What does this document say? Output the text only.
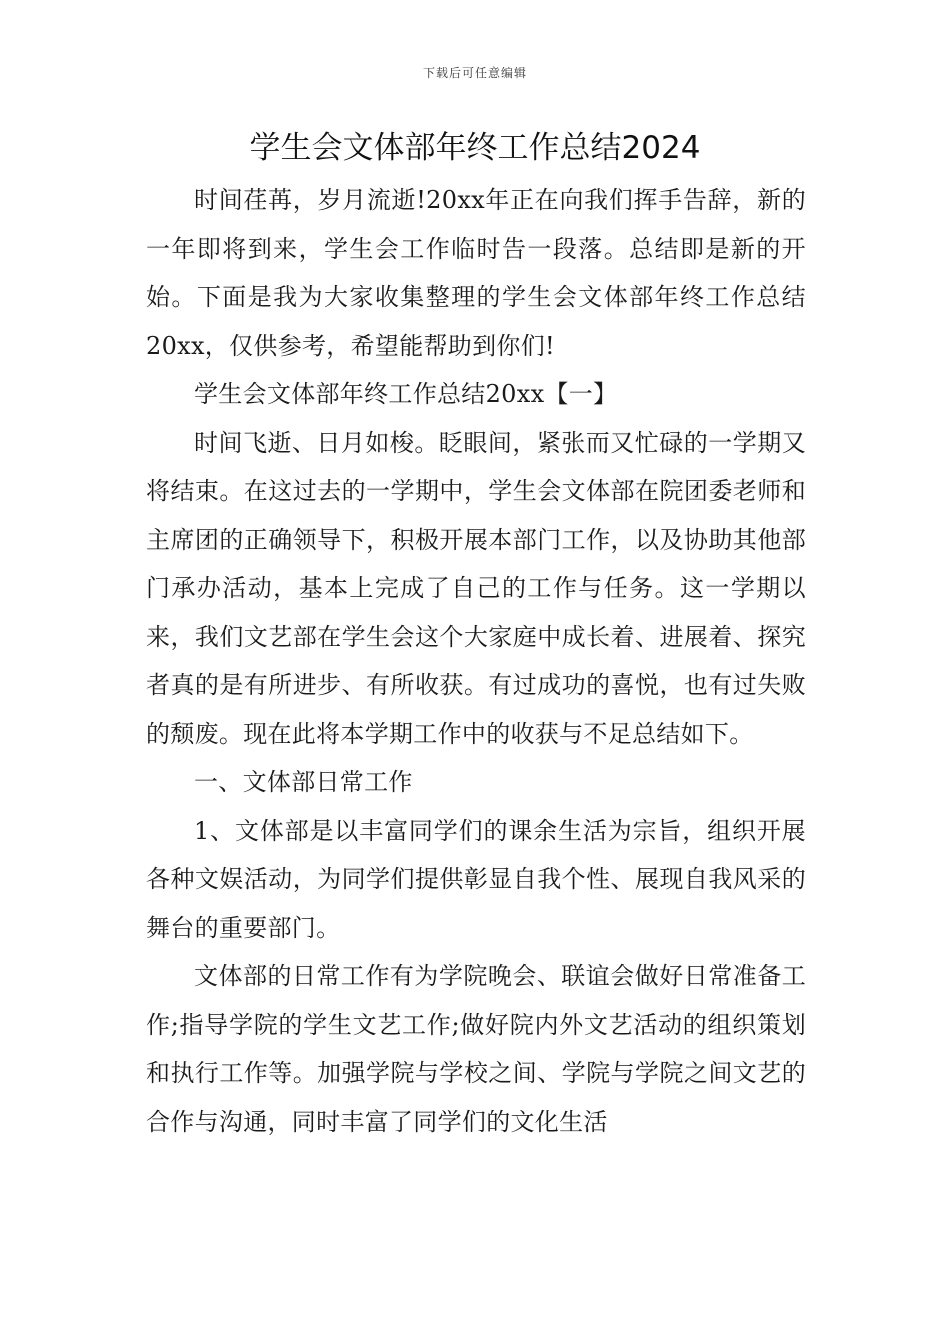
下载后可任意编辑
学生会文体部年终工作总结2024

时间荏苒，岁月流逝!20xx年正在向我们挥手告辞，新的一年即将到来，学生会工作临时告一段落。总结即是新的开始。下面是我为大家收集整理的学生会文体部年终工作总结20xx，仅供参考，希望能帮助到你们!

学生会文体部年终工作总结20xx【一】

时间飞逝、日月如梭。眨眼间，紧张而又忙碌的一学期又将结束。在这过去的一学期中，学生会文体部在院团委老师和主席团的正确领导下，积极开展本部门工作，以及协助其他部门承办活动，基本上完成了自己的工作与任务。这一学期以来，我们文艺部在学生会这个大家庭中成长着、进展着、探究者真的是有所进步、有所收获。有过成功的喜悦，也有过失败的颓废。现在此将本学期工作中的收获与不足总结如下。

一、文体部日常工作

1、文体部是以丰富同学们的课余生活为宗旨，组织开展各种文娱活动，为同学们提供彰显自我个性、展现自我风采的舞台的重要部门。

文体部的日常工作有为学院晚会、联谊会做好日常准备工作;指导学院的学生文艺工作;做好院内外文艺活动的组织策划和执行工作等。加强学院与学校之间、学院与学院之间文艺的合作与沟通，同时丰富了同学们的文化生活
